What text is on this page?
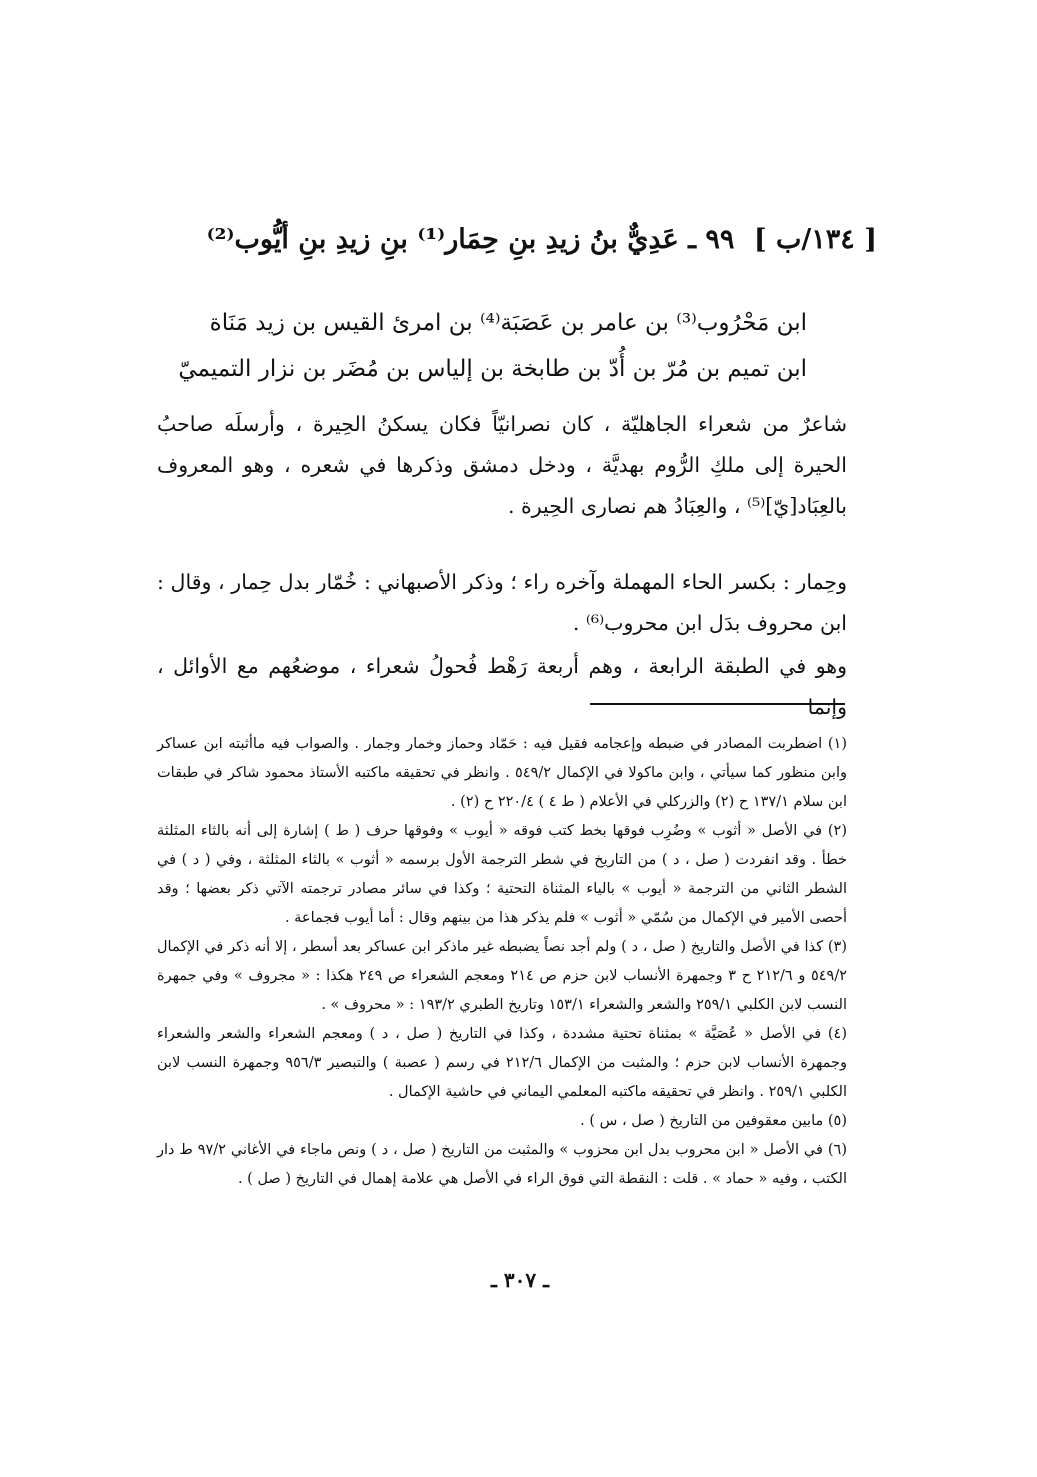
[ ١٣٤/ب ] ٩٩ ـ عَدِيٌّ بنُ زيدِ بنِ حِمَار⁽¹⁾ بنِ زيدِ بنِ أيُّوب⁽²⁾
ابن مَحْرُوب⁽³⁾ بن عامر بن عَصَبَة⁽⁴⁾ بن امرئ القيس بن زيد مَنَاة
ابن تميم بن مُرّ بن أُدّ بن طابخة بن إلياس بن مُضَر بن نزار التميميّ
شاعرٌ من شعراء الجاهليّة ، كان نصرانيّاً فكان يسكنُ الحِيرة ، وأرسلَه صاحبُ الحيرة إلى ملكِ الرُّوم بهديَّة ، ودخل دمشق وذكرها في شعره ، وهو المعروف بالعِبَاد[يّ]⁽⁵⁾ ، والعِبَادُ هم نصارى الحِيرة .
وحِمار : بكسر الحاء المهملة وآخره راء ؛ وذكر الأصبهاني : خُمّار بدل حِمار ، وقال : ابن محروف بدَل ابن محروب⁽⁶⁾ .
وهو في الطبقة الرابعة ، وهم أربعة رَهْط فُحولُ شعراء ، موضعُهم مع الأوائل ، وإنما

(١) اضطربت المصادر في ضبطه وإعجامه فقيل فيه : حَمّاد وحماز وخمار وجمار . والصواب فيه ماأثبته ابن عساكر وابن منظور كما سيأتي ، وابن ماكولا في الإكمال ٥٤٩/٢ . وانظر في تحقيقه ماكتبه الأستاذ محمود شاكر في طبقات ابن سلام ١٣٧/١ ح (٢) والزركلي في الأعلام ( ط ٤ ) ٢٢٠/٤ ح (٢) .

(٢) في الأصل « أثوب » وضُرِب فوقها بخط كتب فوقه « أيوب » وفوقها حرف ( ط ) إشارة إلى أنه بالثاء المثلثة خطأ . وقد انفردت ( صل ، د ) من التاريخ في شطر الترجمة الأول برسمه « أثوب » بالثاء المثلثة ، وفي ( د ) في الشطر الثاني من الترجمة « أيوب » بالياء المثناة التحتية ؛ وكذا في سائر مصادر ترجمته الآتي ذكر بعضها ؛ وقد أحصى الأمير في الإكمال من سُمّي « أثوب » فلم يذكر هذا من بينهم وقال : أما أيوب فجماعة .

(٣) كذا في الأصل والتاريخ ( صل ، د ) ولم أجد نصاً يضبطه غير ماذكر ابن عساكر بعد أسطر ، إلا أنه ذكر في الإكمال ٥٤٩/٢ و ٢١٢/٦ ح ٣ وجمهرة الأنساب لابن حزم ص ٢١٤ ومعجم الشعراء ص ٢٤٩ هكذا : « مجروف » وفي جمهرة النسب لابن الكلبي ٢٥٩/١ والشعر والشعراء ١٥٣/١ وتاريخ الطبري ١٩٣/٢ : « محروف » .

(٤) في الأصل « عُصَيَّة » بمثناة تحتية مشددة ، وكذا في التاريخ ( صل ، د ) ومعجم الشعراء والشعر والشعراء وجمهرة الأنساب لابن حزم ؛ والمثبت من الإكمال ٢١٢/٦ في رسم ( عصبة ) والتبصير ٩٥٦/٣ وجمهرة النسب لابن الكلبي ٢٥٩/١ . وانظر في تحقيقه ماكتبه المعلمي اليماني في حاشية الإكمال .

(٥) مابين معقوفين من التاريخ ( صل ، س ) .

(٦) في الأصل « ابن محروب بدل ابن محزوب » والمثبت من التاريخ ( صل ، د ) ونص ماجاء في الأغاني ٩٧/٢ ط دار الكتب ، وفيه « حماد » . قلت : النقطة التي فوق الراء في الأصل هي علامة إهمال في التاريخ ( صل ) .

ـ ٣٠٧ ـ
